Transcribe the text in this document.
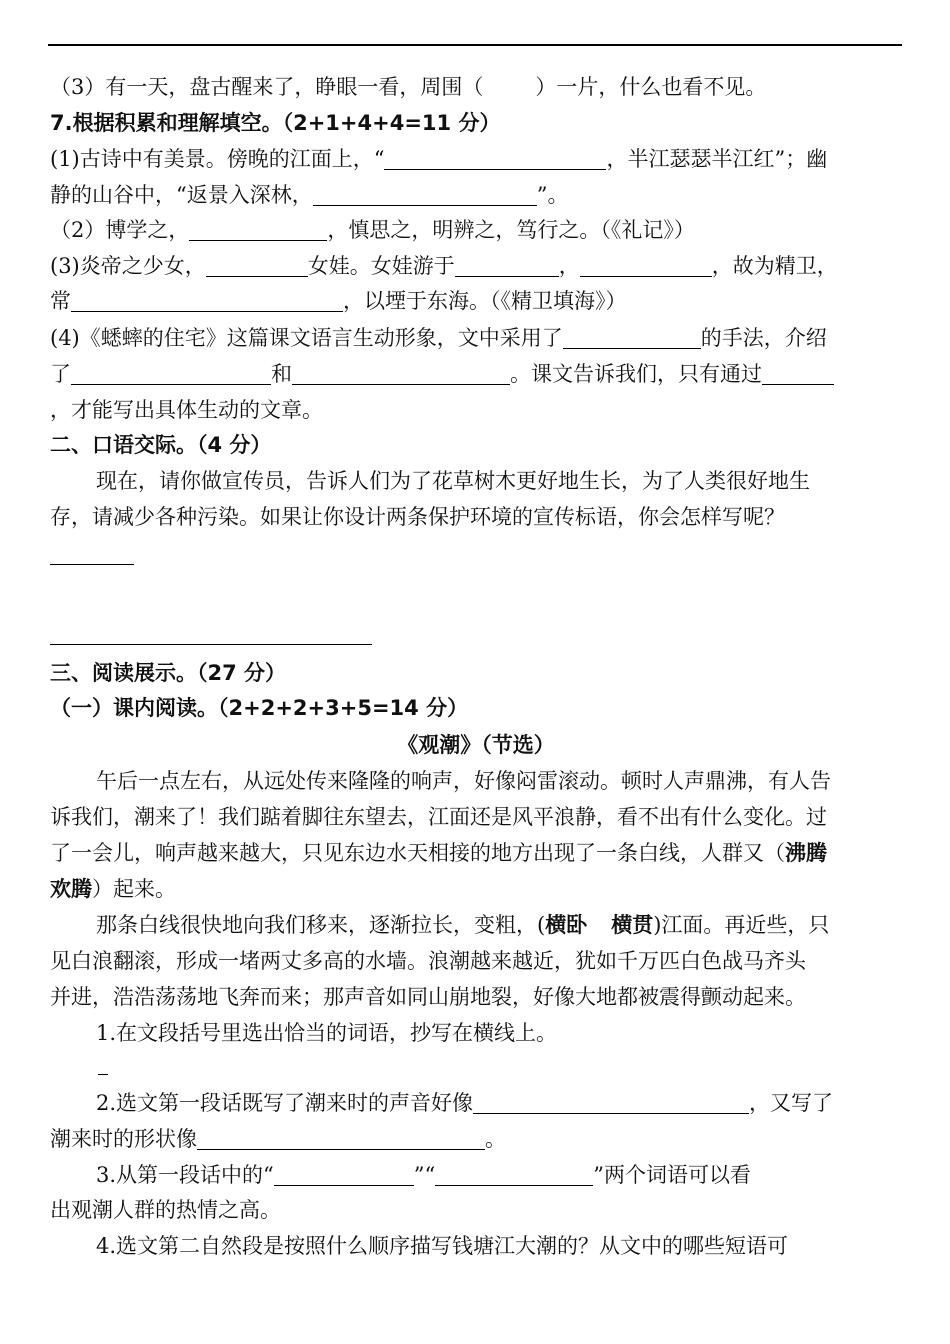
（3）有一天，盘古醒来了，睁眼一看，周围（ ）一片，什么也看不见。
7.根据积累和理解填空。（2+1+4+4=11 分）
(1)古诗中有美景。傍晚的江面上，“	，半江瑟瑟半江红”；幽
静的山谷中，“返景入深林，	”。
（2）博学之，	，慎思之，明辨之，笃行之。（《礼记》）
(3)炎帝之少女，	女娃。女娃游于	，	，故为精卫，
常	，以堙于东海。（《精卫填海》）
(4)《蟋蟀的住宅》这篇课文语言生动形象，文中采用了	的手法，介绍
了	和	。课文告诉我们，只有通过
，才能写出具体生动的文章。
二、口语交际。（4 分）
现在，请你做宣传员，告诉人们为了花草树木更好地生长，为了人类很好地生
存，请减少各种污染。如果让你设计两条保护环境的宣传标语，你会怎样写呢？
三、阅读展示。（27 分）
（一）课内阅读。（2+2+2+3+5=14 分）
《观潮》（节选）
午后一点左右，从远处传来隆隆的响声，好像闷雷滚动。顿时人声鼎沸，有人告
诉我们，潮来了！我们踮着脚往东望去，江面还是风平浪静，看不出有什么变化。过
了一会儿，响声越来越大，只见东边水天相接的地方出现了一条白线，人群又（沸腾
欢腾）起来。
那条白线很快地向我们移来，逐渐拉长，变粗，(横卧 横贯)江面。再近些，只
见白浪翻滚，形成一堵两丈多高的水墙。浪潮越来越近，犹如千万匹白色战马齐头
并进，浩浩荡荡地飞奔而来；那声音如同山崩地裂，好像大地都被震得颤动起来。
1.在文段括号里选出恰当的词语，抄写在横线上。
2.选文第一段话既写了潮来时的声音好像	，又写了
潮来时的形状像	。
3.从第一段话中的“	”“	”两个词语可以看
出观潮人群的热情之高。
4.选文第二自然段是按照什么顺序描写钱塘江大潮的？从文中的哪些短语可
